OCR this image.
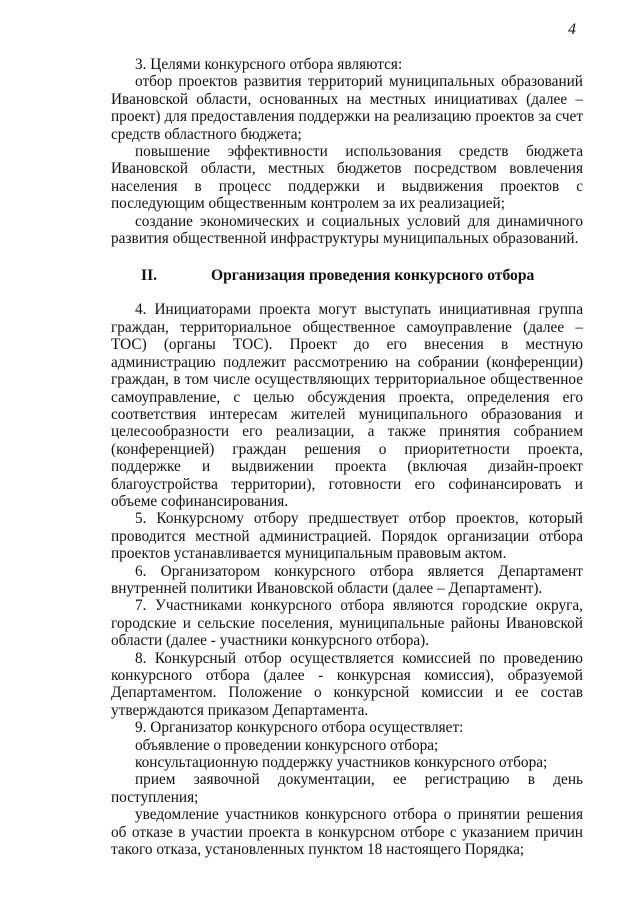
4

3. Целями конкурсного отбора являются:

отбор проектов развития территорий муниципальных образований Ивановской области, основанных на местных инициативах (далее – проект) для предоставления поддержки на реализацию проектов за счет средств областного бюджета;

повышение эффективности использования средств бюджета Ивановской области, местных бюджетов посредством вовлечения населения в процесс поддержки и выдвижения проектов с последующим общественным контролем за их реализацией;

создание экономических и социальных условий для динамичного развития общественной инфраструктуры муниципальных образований.

II.	Организация проведения конкурсного отбора

4. Инициаторами проекта могут выступать инициативная группа граждан, территориальное общественное самоуправление (далее – ТОС) (органы ТОС). Проект до его внесения в местную администрацию подлежит рассмотрению на собрании (конференции) граждан, в том числе осуществляющих территориальное общественное самоуправление, с целью обсуждения проекта, определения его соответствия интересам жителей муниципального образования и целесообразности его реализации, а также принятия собранием (конференцией) граждан решения о приоритетности проекта, поддержке и выдвижении проекта (включая дизайн-проект благоустройства территории), готовности его софинансировать и объеме софинансирования.

5. Конкурсному отбору предшествует отбор проектов, который проводится местной администрацией. Порядок организации отбора проектов устанавливается муниципальным правовым актом.

6. Организатором конкурсного отбора является Департамент внутренней политики Ивановской области (далее – Департамент).

7. Участниками конкурсного отбора являются городские округа, городские и сельские поселения, муниципальные районы Ивановской области (далее - участники конкурсного отбора).

8. Конкурсный отбор осуществляется комиссией по проведению конкурсного отбора (далее - конкурсная комиссия), образуемой Департаментом. Положение о конкурсной комиссии и ее состав утверждаются приказом Департамента.

9. Организатор конкурсного отбора осуществляет:

объявление о проведении конкурсного отбора;

консультационную поддержку участников конкурсного отбора;

прием заявочной документации, ее регистрацию в день поступления;

уведомление участников конкурсного отбора о принятии решения об отказе в участии проекта в конкурсном отборе с указанием причин такого отказа, установленных пунктом 18 настоящего Порядка;
